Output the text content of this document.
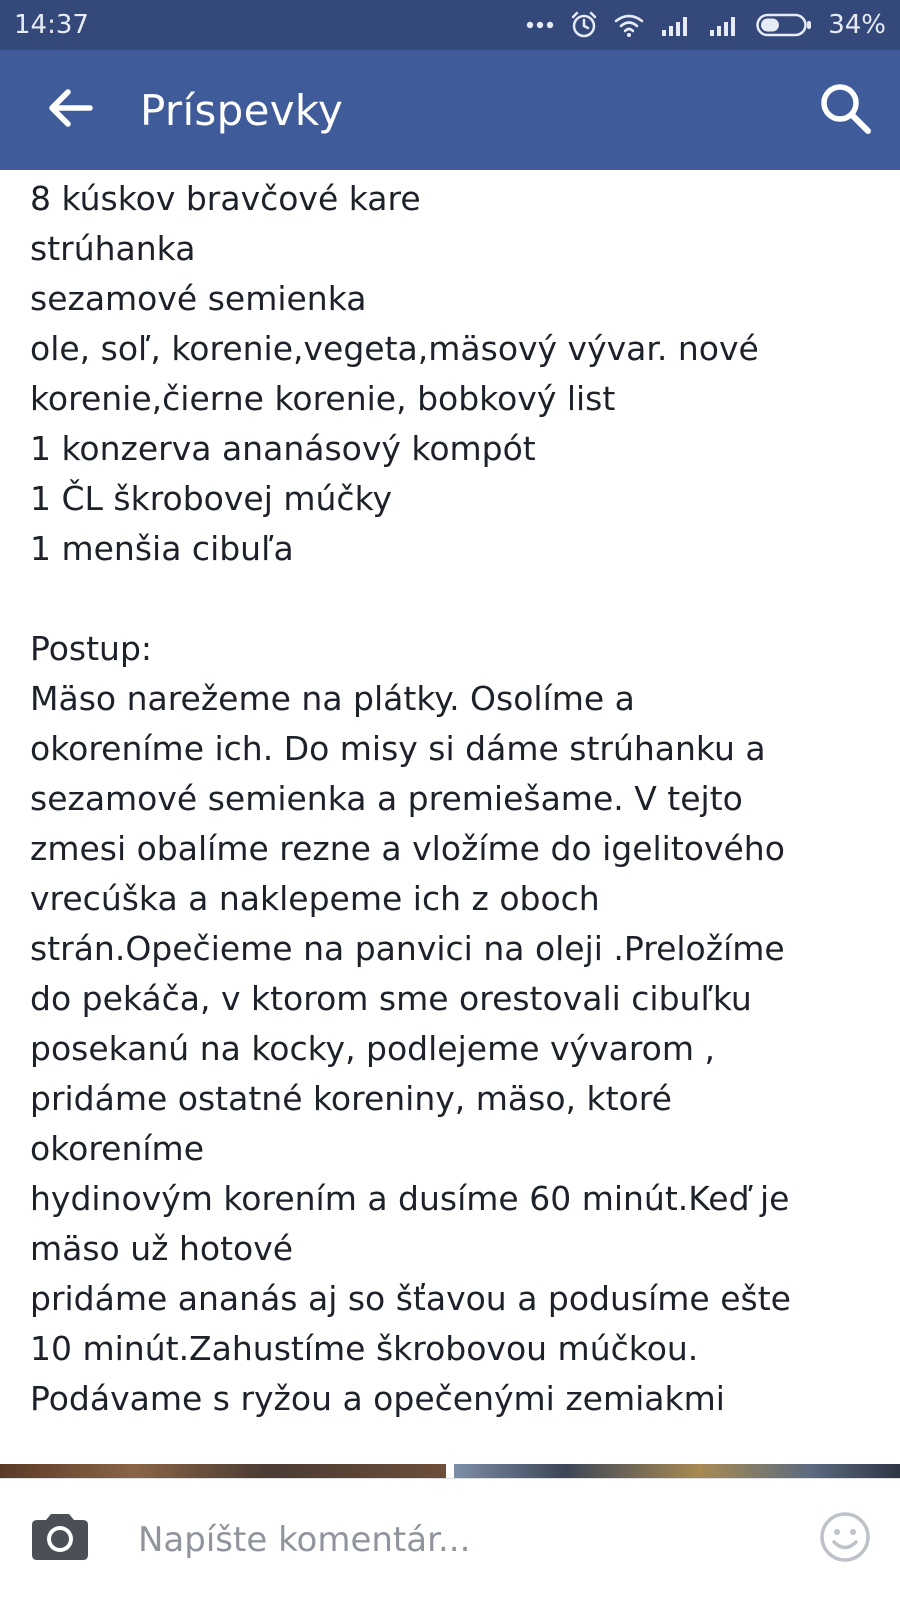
14:37	34%
Príspevky
8 kúskov bravčové kare
strúhanka
sezamové semienka
ole, soľ, korenie,vegeta,mäsový vývar. nové
korenie,čierne korenie, bobkový list
1 konzerva ananásový kompót
1 ČL škrobovej múčky
1 menšia cibuľa
Postup:
Mäso narežeme na plátky. Osolíme a
okoreníme ich. Do misy si dáme strúhanku a
sezamové semienka a premiešame. V tejto
zmesi obalíme rezne a vložíme do igelitového
vrecúška a naklepeme ich z oboch
strán.Opečieme na panvici na oleji .Preložíme
do pekáča, v ktorom sme orestovali cibuľku
posekanú na kocky, podlejeme vývarom ,
pridáme ostatné koreniny, mäso, ktoré
okoreníme
hydinovým korením a dusíme 60 minút.Keď je
mäso už hotové
pridáme ananás aj so šťavou a podusíme ešte
10 minút.Zahustíme škrobovou múčkou.
Podávame s ryžou a opečenými zemiakmi
Napíšte komentár...
